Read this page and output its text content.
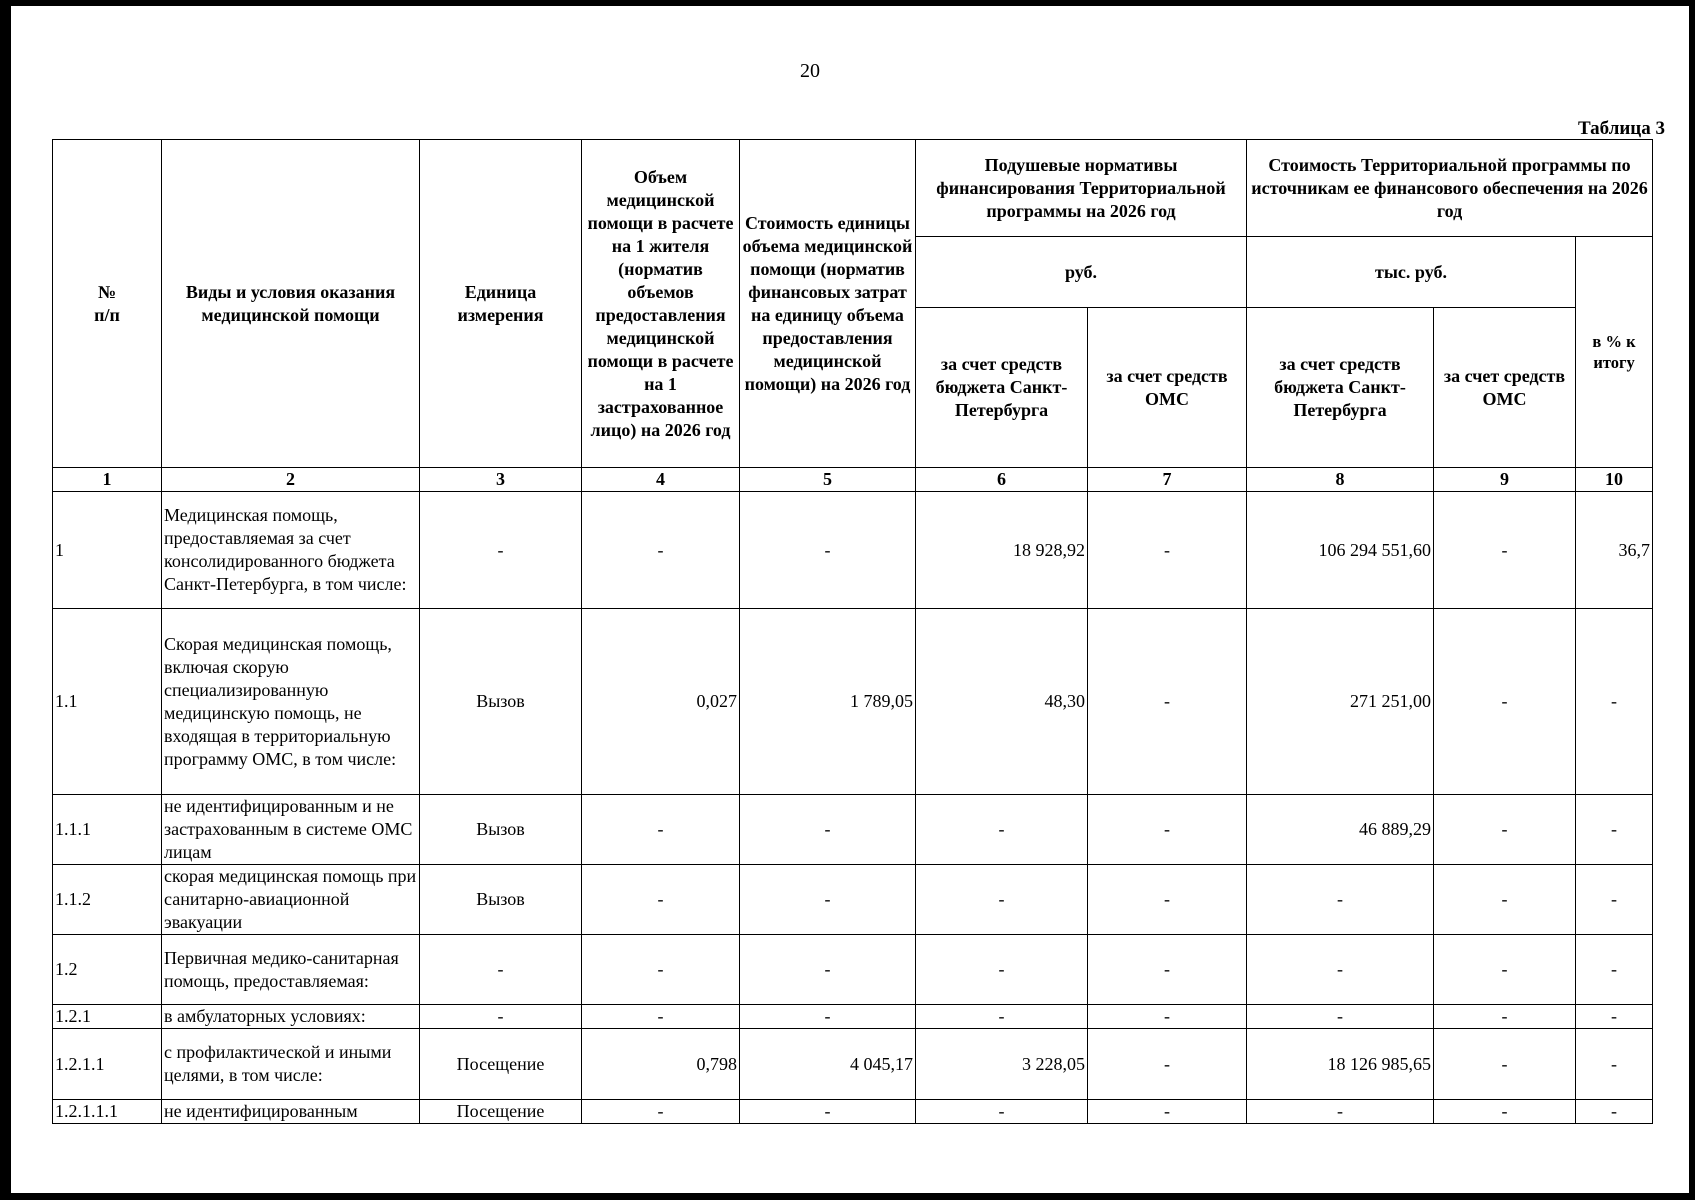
20
Таблица 3
№
п/п	Виды и условия оказания медицинской помощи	Единица измерения	Объем медицинской помощи в расчете на 1 жителя (норматив объемов предоставления медицинской помощи в расчете на 1 застрахованное лицо) на 2026 год	Стоимость единицы объема медицинской помощи (норматив финансовых затрат на единицу объема предоставления медицинской помощи) на 2026 год	Подушевые нормативы финансирования Территориальной программы на 2026 год		Стоимость Территориальной программы по источникам ее финансового обеспечения на 2026 год		
					руб.		тыс. руб.		в % к итогу
					за счет средств бюджета Санкт-Петербурга	за счет средств ОМС	за счет средств бюджета Санкт-Петербурга	за счет средств ОМС	
1	2	3	4	5	6	7	8	9	10
1	Медицинская помощь, предоставляемая за счет консолидированного бюджета Санкт-Петербурга, в том числе:	-	-	-	18 928,92	-	106 294 551,60	-	36,7
1.1	Скорая медицинская помощь, включая скорую специализированную медицинскую помощь, не входящая в территориальную программу ОМС, в том числе:	Вызов	0,027	1 789,05	48,30	-	271 251,00	-	-
1.1.1	не идентифицированным и не застрахованным в системе ОМС лицам	Вызов	-	-	-	-	46 889,29	-	-
1.1.2	скорая медицинская помощь при санитарно-авиационной эвакуации	Вызов	-	-	-	-	-	-	-
1.2	Первичная медико-санитарная помощь, предоставляемая:	-	-	-	-	-	-	-	-
1.2.1	в амбулаторных условиях:	-	-	-	-	-	-	-	-
1.2.1.1	с профилактической и иными целями, в том числе:	Посещение	0,798	4 045,17	3 228,05	-	18 126 985,65	-	-
1.2.1.1.1	не идентифицированным	Посещение	-	-	-	-	-	-	-
